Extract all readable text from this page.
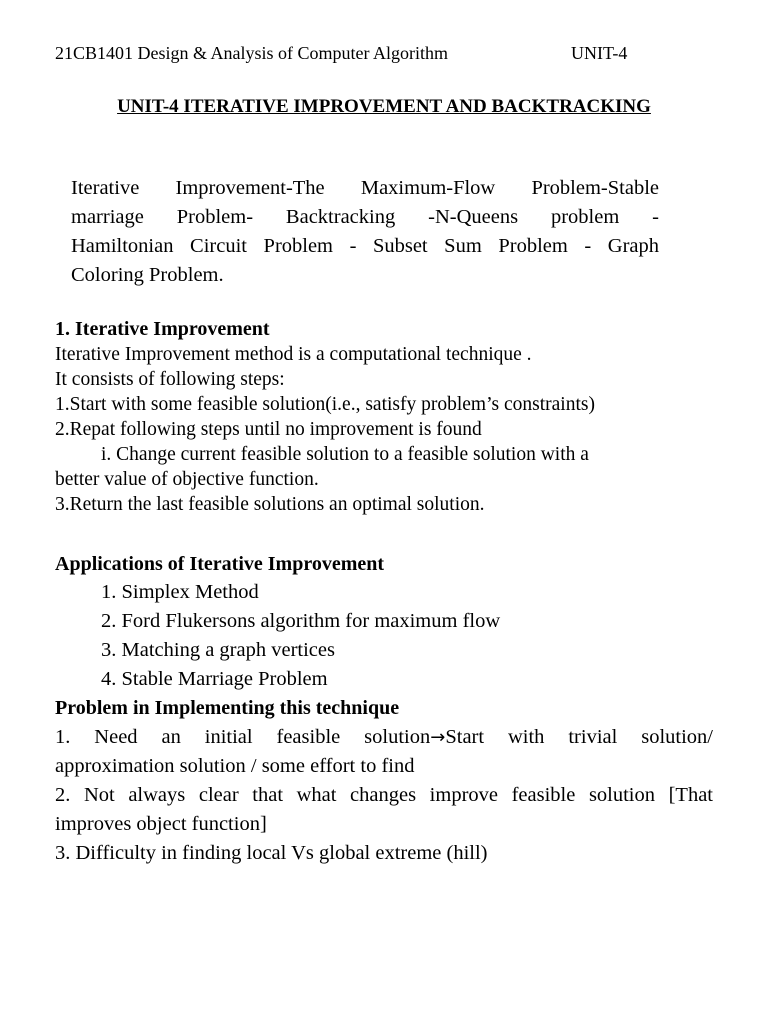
21CB1401 Design & Analysis of Computer Algorithm	UNIT-4
UNIT-4 ITERATIVE IMPROVEMENT AND BACKTRACKING
Iterative Improvement-The Maximum-Flow Problem-Stable
marriage Problem- Backtracking -N-Queens problem -
Hamiltonian Circuit Problem - Subset Sum Problem - Graph
Coloring Problem.
1. Iterative Improvement
Iterative Improvement method is a computational technique .
It consists of following steps:
1.Start with some feasible solution(i.e., satisfy problem’s constraints)
2.Repat following steps until no improvement is found
i. Change current feasible solution to a feasible solution with a
better value of objective function.
3.Return the last feasible solutions an optimal solution.
Applications of Iterative Improvement
1. Simplex Method
2. Ford Flukersons algorithm for maximum flow
3. Matching a graph vertices
4. Stable Marriage Problem
Problem in Implementing this technique
1. Need an initial feasible solution→Start with trivial solution/
approximation solution / some effort to find
2. Not always clear that what changes improve feasible solution [That
improves object function]
3. Difficulty in finding local Vs global extreme (hill)
